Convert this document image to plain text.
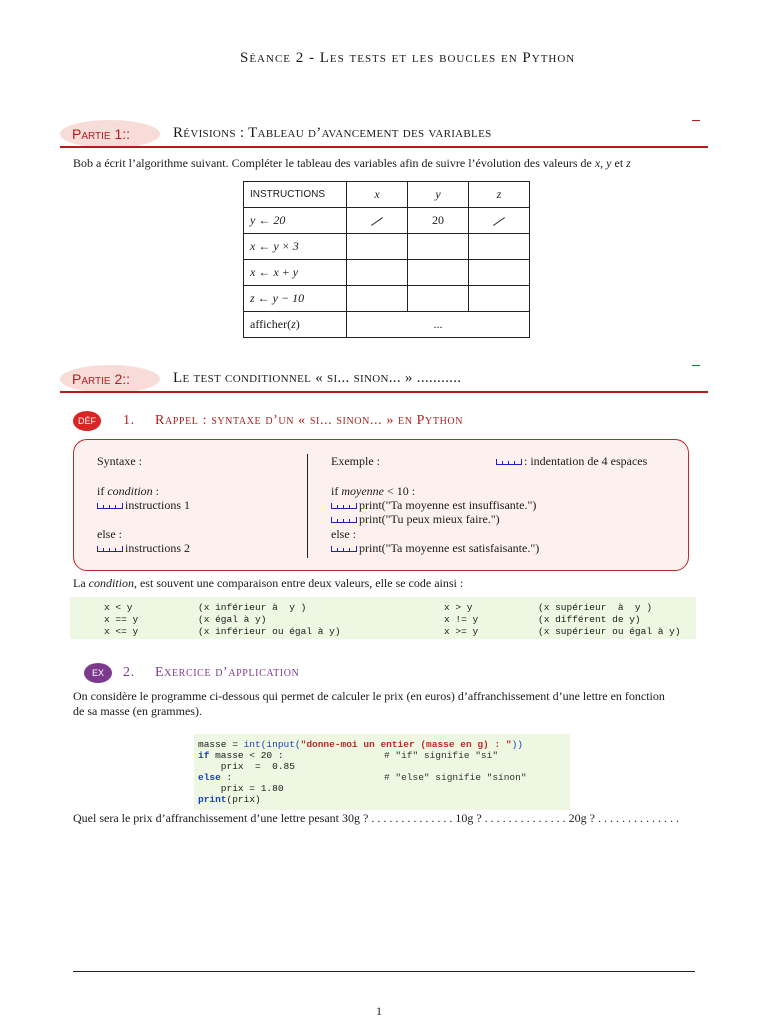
Séance 2 - Les tests et les boucles en Python
Partie 1::	Révisions : Tableau d’avancement des variables
Bob a écrit l’algorithme suivant. Compléter le tableau des variables afin de suivre l’évolution des valeurs de x, y et z
INSTRUCTIONS	x	y	z
y ← 20		20	
x ← y × 3			
x ← x + y			
z ← y − 10			
afficher(z)	...		
Partie 2::	Le test conditionnel « si... sinon... » ...........
DÉF	1. Rappel : syntaxe d’un « si... sinon... » en Python
Syntaxe :
if condition :
instructions 1
else :
instructions 2
Exemple :	: indentation de 4 espaces
if moyenne < 10 :
print("Ta moyenne est insuffisante.")
print("Tu peux mieux faire.")
else :
print("Ta moyenne est satisfaisante.")
La condition, est souvent une comparaison entre deux valeurs, elle se code ainsi :
x < y	(x inférieur à  y )	x > y	(x supérieur  à  y )
x == y	(x égal à y)	x != y	(x différent de y)
x <= y	(x inférieur ou égal à y)	x >= y	(x supérieur ou égal à y)
EX	2. Exercice d’application
On considère le programme ci-dessous qui permet de calculer le prix (en euros) d’affranchissement d’une lettre en fonction
de sa masse (en grammes).
masse = int(input("donne-moi un entier (masse en g) : "))
if masse < 20 :	# "if" signifie "si"
prix  =  0.85
else :	# "else" signifie "sinon"
prix = 1.80
print(prix)
Quel sera le prix d’affranchissement d’une lettre pesant 30g ? . . . . . . . . . . . . . . 10g ? . . . . . . . . . . . . . . 20g ? . . . . . . . . . . . . . .
1
